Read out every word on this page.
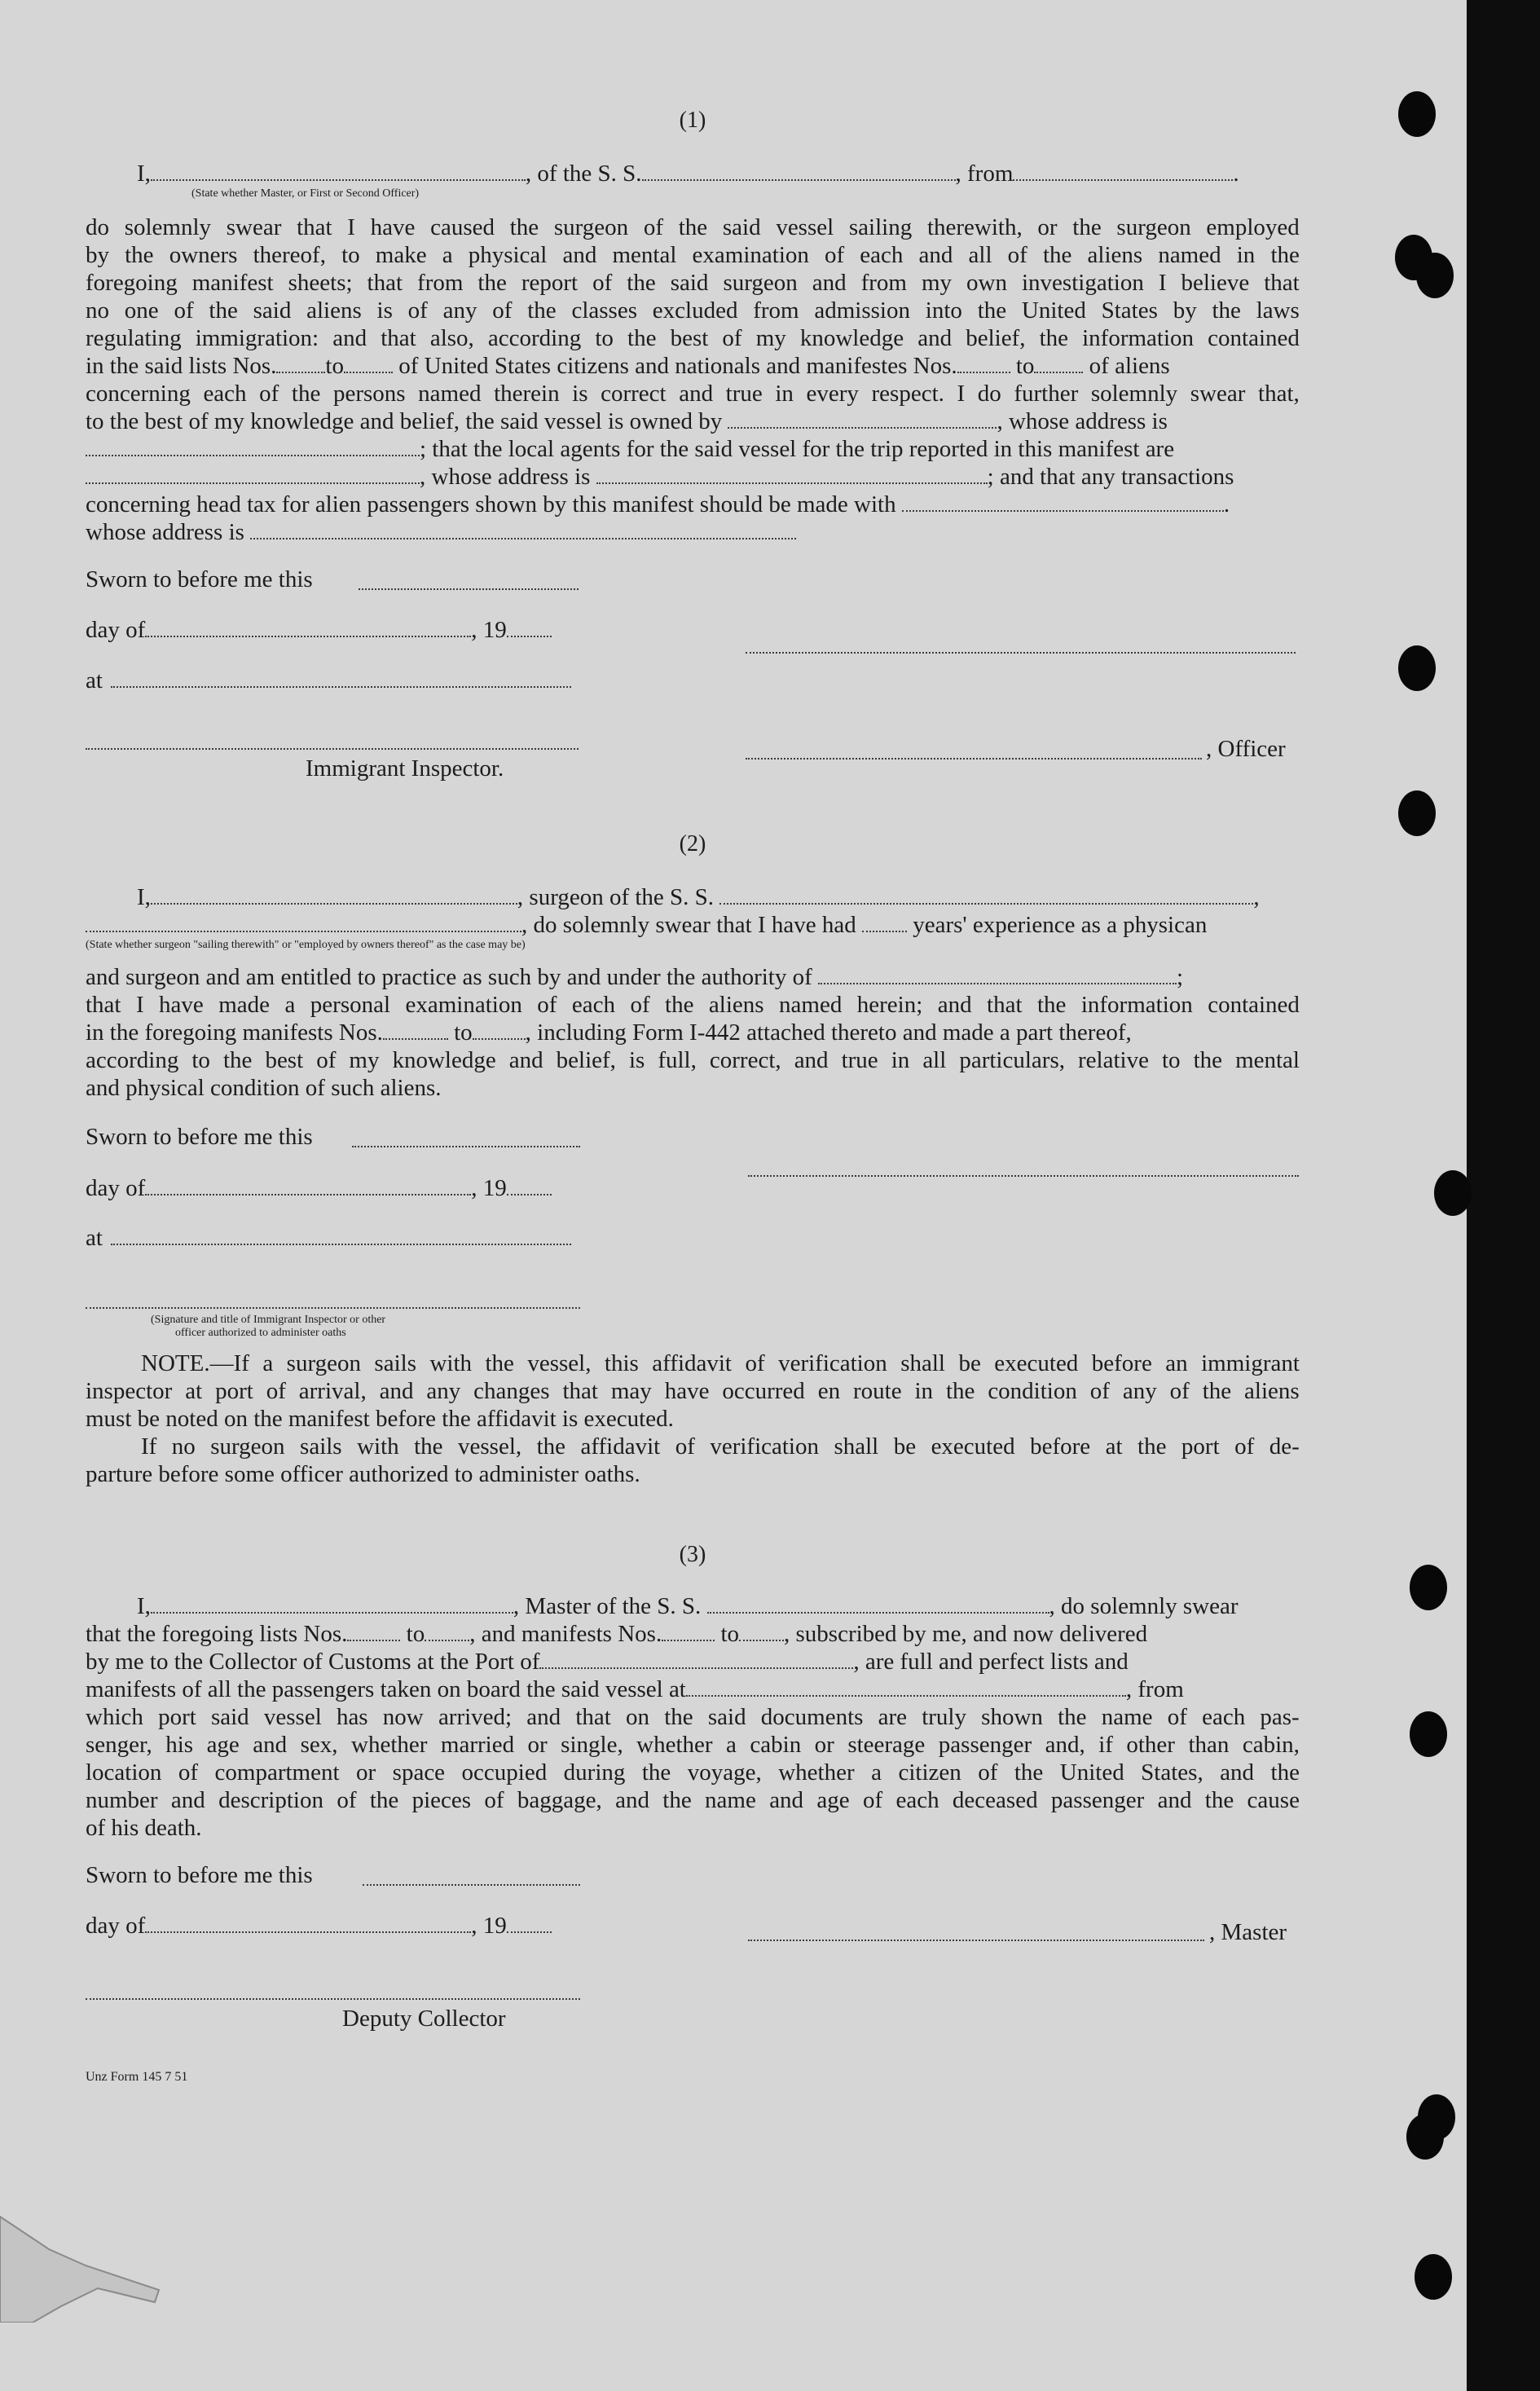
(1)
I,	, of the S. S.	, from	.
(State whether Master, or First or Second Officer)
do solemnly swear that I have caused the surgeon of the said vessel sailing therewith, or the surgeon employed
by the owners thereof, to make a physical and mental examination of each and all of the aliens named in the
foregoing manifest sheets; that from the report of the said surgeon and from my own investigation I believe that
no one of the said aliens is of any of the classes excluded from admission into the United States by the laws
regulating immigration: and that also, according to the best of my knowledge and belief, the information contained
in the said lists Nos. to of United States citizens and nationals and manifestes Nos. to of aliens
concerning each of the persons named therein is correct and true in every respect. I do further solemnly swear that,
to the best of my knowledge and belief, the said vessel is owned by	, whose address is
; that the local agents for the said vessel for the trip reported in this manifest are
, whose address is	; and that any transactions
concerning head tax for alien passengers shown by this manifest should be made with	.
whose address is
Sworn to before me this
day of	, 19
at
, Officer
Immigrant Inspector.
(2)
I,	, surgeon of the S. S.	,
, do solemnly swear that I have had years' experience as a physican
(State whether surgeon "sailing therewith" or "employed by owners thereof" as the case may be)
and surgeon and am entitled to practice as such by and under the authority of	;
that I have made a personal examination of each of the aliens named herein; and that the information contained
in the foregoing manifests Nos.	to , including Form I-442 attached thereto and made a part thereof,
according to the best of my knowledge and belief, is full, correct, and true in all particulars, relative to the mental
and physical condition of such aliens.
Sworn to before me this
day of	, 19
at
(Signature and title of Immigrant Inspector or other
officer authorized to administer oaths
NOTE.—If a surgeon sails with the vessel, this affidavit of verification shall be executed before an immigrant
inspector at port of arrival, and any changes that may have occurred en route in the condition of any of the aliens
must be noted on the manifest before the affidavit is executed.
If no surgeon sails with the vessel, the affidavit of verification shall be executed before at the port of de-
parture before some officer authorized to administer oaths.
(3)
I,	, Master of the S. S.	, do solemnly swear
that the foregoing lists Nos. to , and manifests Nos. to , subscribed by me, and now delivered
by me to the Collector of Customs at the Port of	, are full and perfect lists and
manifests of all the passengers taken on board the said vessel at	, from
which port said vessel has now arrived; and that on the said documents are truly shown the name of each pas-
senger, his age and sex, whether married or single, whether a cabin or steerage passenger and, if other than cabin,
location of compartment or space occupied during the voyage, whether a citizen of the United States, and the
number and description of the pieces of baggage, and the name and age of each deceased passenger and the cause
of his death.
Sworn to before me this
day of	, 19	, Master
Deputy Collector
Unz Form 145 7 51
